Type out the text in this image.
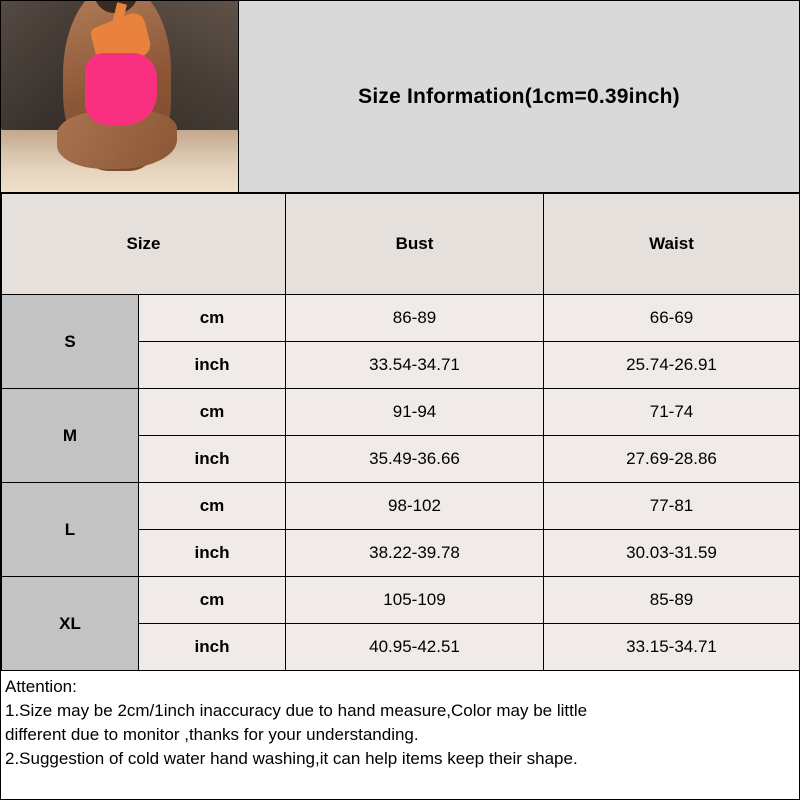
Size Information(1cm=0.39inch)
Size		Bust	Waist
S	cm	86-89	66-69
	inch	33.54-34.71	25.74-26.91
M	cm	91-94	71-74
	inch	35.49-36.66	27.69-28.86
L	cm	98-102	77-81
	inch	38.22-39.78	30.03-31.59
XL	cm	105-109	85-89
	inch	40.95-42.51	33.15-34.71
Attention:
1.Size may be 2cm/1inch inaccuracy due to hand measure,Color may be little
different due to monitor ,thanks for your understanding.
2.Suggestion of cold water hand washing,it can help items keep their shape.
